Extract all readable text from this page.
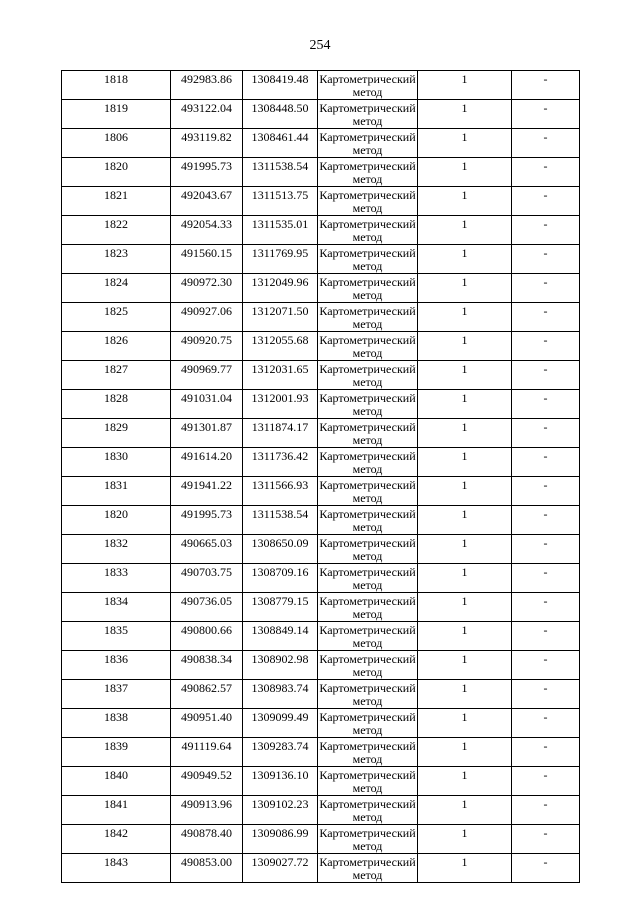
254
1818	492983.86	1308419.48	Картометрический метод	1	-
1819	493122.04	1308448.50	Картометрический метод	1	-
1806	493119.82	1308461.44	Картометрический метод	1	-
1820	491995.73	1311538.54	Картометрический метод	1	-
1821	492043.67	1311513.75	Картометрический метод	1	-
1822	492054.33	1311535.01	Картометрический метод	1	-
1823	491560.15	1311769.95	Картометрический метод	1	-
1824	490972.30	1312049.96	Картометрический метод	1	-
1825	490927.06	1312071.50	Картометрический метод	1	-
1826	490920.75	1312055.68	Картометрический метод	1	-
1827	490969.77	1312031.65	Картометрический метод	1	-
1828	491031.04	1312001.93	Картометрический метод	1	-
1829	491301.87	1311874.17	Картометрический метод	1	-
1830	491614.20	1311736.42	Картометрический метод	1	-
1831	491941.22	1311566.93	Картометрический метод	1	-
1820	491995.73	1311538.54	Картометрический метод	1	-
1832	490665.03	1308650.09	Картометрический метод	1	-
1833	490703.75	1308709.16	Картометрический метод	1	-
1834	490736.05	1308779.15	Картометрический метод	1	-
1835	490800.66	1308849.14	Картометрический метод	1	-
1836	490838.34	1308902.98	Картометрический метод	1	-
1837	490862.57	1308983.74	Картометрический метод	1	-
1838	490951.40	1309099.49	Картометрический метод	1	-
1839	491119.64	1309283.74	Картометрический метод	1	-
1840	490949.52	1309136.10	Картометрический метод	1	-
1841	490913.96	1309102.23	Картометрический метод	1	-
1842	490878.40	1309086.99	Картометрический метод	1	-
1843	490853.00	1309027.72	Картометрический метод	1	-
